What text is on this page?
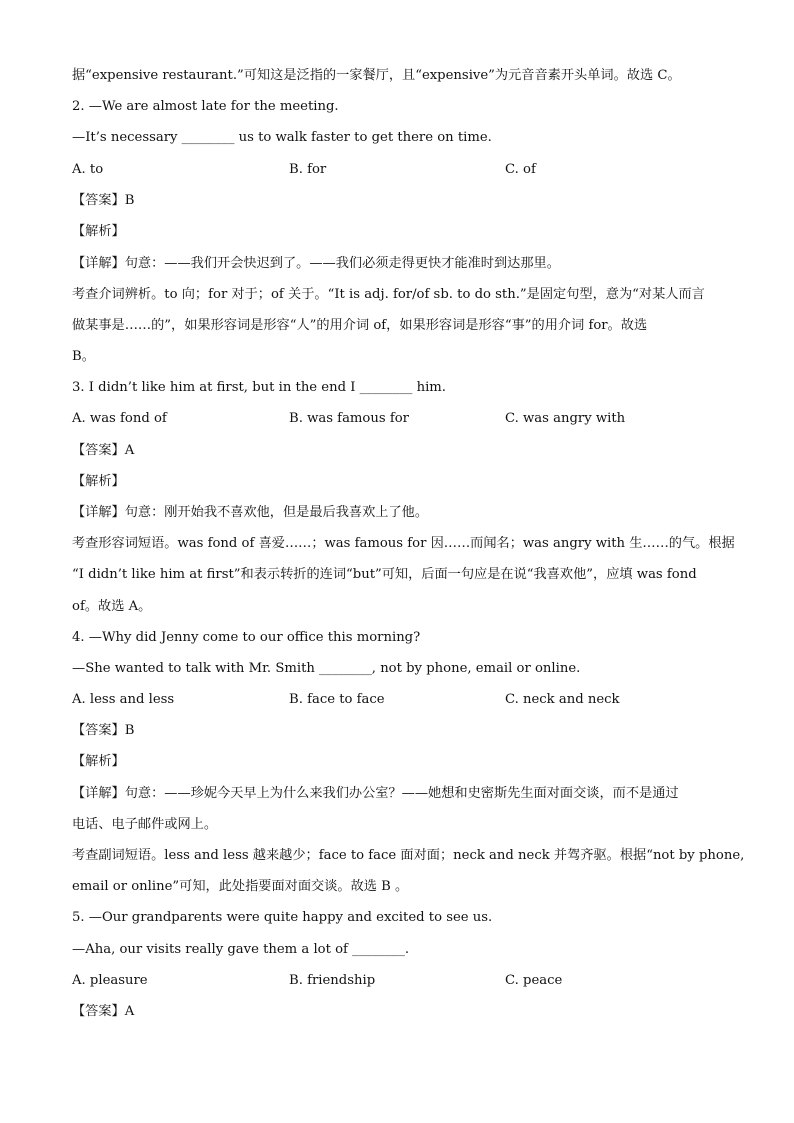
据“expensive restaurant.”可知这是泛指的一家餐厅，且“expensive”为元音音素开头单词。故选 C。
2. —We are almost late for the meeting.
—It’s necessary ________ us to walk faster to get there on time.
A. to	B. for	C. of
【答案】B
【解析】
【详解】句意：——我们开会快迟到了。——我们必须走得更快才能准时到达那里。
考查介词辨析。to 向；for 对于；of 关于。“It is adj. for/of sb. to do sth.”是固定句型，意为“对某人而言
做某事是……的”，如果形容词是形容“人”的用介词 of，如果形容词是形容“事”的用介词 for。故选
B。
3. I didn’t like him at first, but in the end I ________ him.
A. was fond of	B. was famous for	C. was angry with
【答案】A
【解析】
【详解】句意：刚开始我不喜欢他，但是最后我喜欢上了他。
考查形容词短语。was fond of 喜爱……；was famous for 因……而闻名；was angry with 生……的气。根据
“I didn’t like him at first”和表示转折的连词“but”可知，后面一句应是在说“我喜欢他”，应填 was fond
of。故选 A。
4. —Why did Jenny come to our office this morning?
—She wanted to talk with Mr. Smith ________, not by phone, email or online.
A. less and less	B. face to face	C. neck and neck
【答案】B
【解析】
【详解】句意：——珍妮今天早上为什么来我们办公室？——她想和史密斯先生面对面交谈，而不是通过
电话、电子邮件或网上。
考查副词短语。less and less 越来越少；face to face 面对面；neck and neck 并驾齐驱。根据“not by phone,
email or online”可知，此处指要面对面交谈。故选 B 。
5. —Our grandparents were quite happy and excited to see us.
—Aha, our visits really gave them a lot of ________.
A. pleasure	B. friendship	C. peace
【答案】A
